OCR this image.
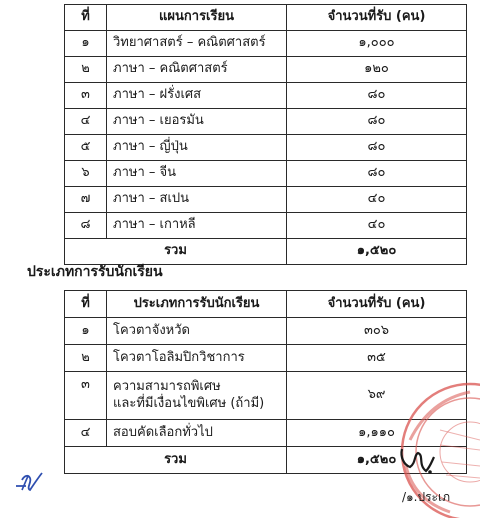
ที่	แผนการเรียน	จำนวนที่รับ (คน)
๑	วิทยาศาสตร์ – คณิตศาสตร์	๑,๐๐๐
๒	ภาษา – คณิตศาสตร์	๑๒๐
๓	ภาษา – ฝรั่งเศส	๘๐
๔	ภาษา – เยอรมัน	๘๐
๕	ภาษา – ญี่ปุ่น	๘๐
๖	ภาษา – จีน	๘๐
๗	ภาษา – สเปน	๔๐
๘	ภาษา – เกาหลี	๔๐
รวม		๑,๕๒๐
ประเภทการรับนักเรียน
ที่	ประเภทการรับนักเรียน	จำนวนที่รับ (คน)
๑	โควตาจังหวัด	๓๐๖
๒	โควตาโอลิมปิกวิชาการ	๓๕
๓	ความสามารถพิเศษ
และที่มีเงื่อนไขพิเศษ (ถ้ามี)	๖๙
๔	สอบคัดเลือกทั่วไป	๑,๑๑๐
รวม		๑,๕๒๐
/๑.ประเภ
